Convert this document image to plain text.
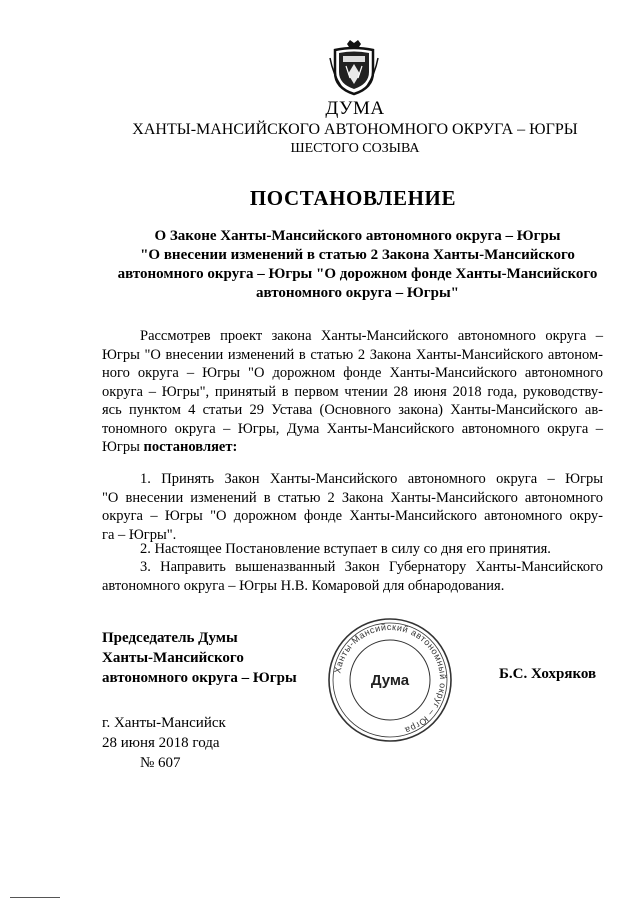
ДУМА
ХАНТЫ-МАНСИЙСКОГО АВТОНОМНОГО ОКРУГА – ЮГРЫ
ШЕСТОГО СОЗЫВА
ПОСТАНОВЛЕНИЕ
О Законе Ханты-Мансийского автономного округа – Югры
"О внесении изменений в статью 2 Закона Ханты-Мансийского
автономного округа – Югры "О дорожном фонде Ханты-Мансийского
автономного округа – Югры"
Рассмотрев проект закона Ханты-Мансийского автономного округа –
Югры "О внесении изменений в статью 2 Закона Ханты-Мансийского автоном-
ного округа – Югры "О дорожном фонде Ханты-Мансийского автономного
округа – Югры", принятый в первом чтении 28 июня 2018 года, руководству-
ясь пунктом 4 статьи 29 Устава (Основного закона) Ханты-Мансийского ав-
тономного округа – Югры, Дума Ханты-Мансийского автономного округа –
Югры постановляет:
1. Принять Закон Ханты-Мансийского автономного округа – Югры
"О внесении изменений в статью 2 Закона Ханты-Мансийского автономного
округа – Югры "О дорожном фонде Ханты-Мансийского автономного окру-
га – Югры".
2. Настоящее Постановление вступает в силу со дня его принятия.
3. Направить вышеназванный Закон Губернатору Ханты-Мансийского
автономного округа – Югры Н.В. Комаровой для обнародования.
Председатель Думы
Ханты-Мансийского
автономного округа – Югры
Ханты-Мансийский автономный округ – Югра
Дума	Б.С. Хохряков
г. Ханты-Мансийск
28 июня 2018 года
№ 607
